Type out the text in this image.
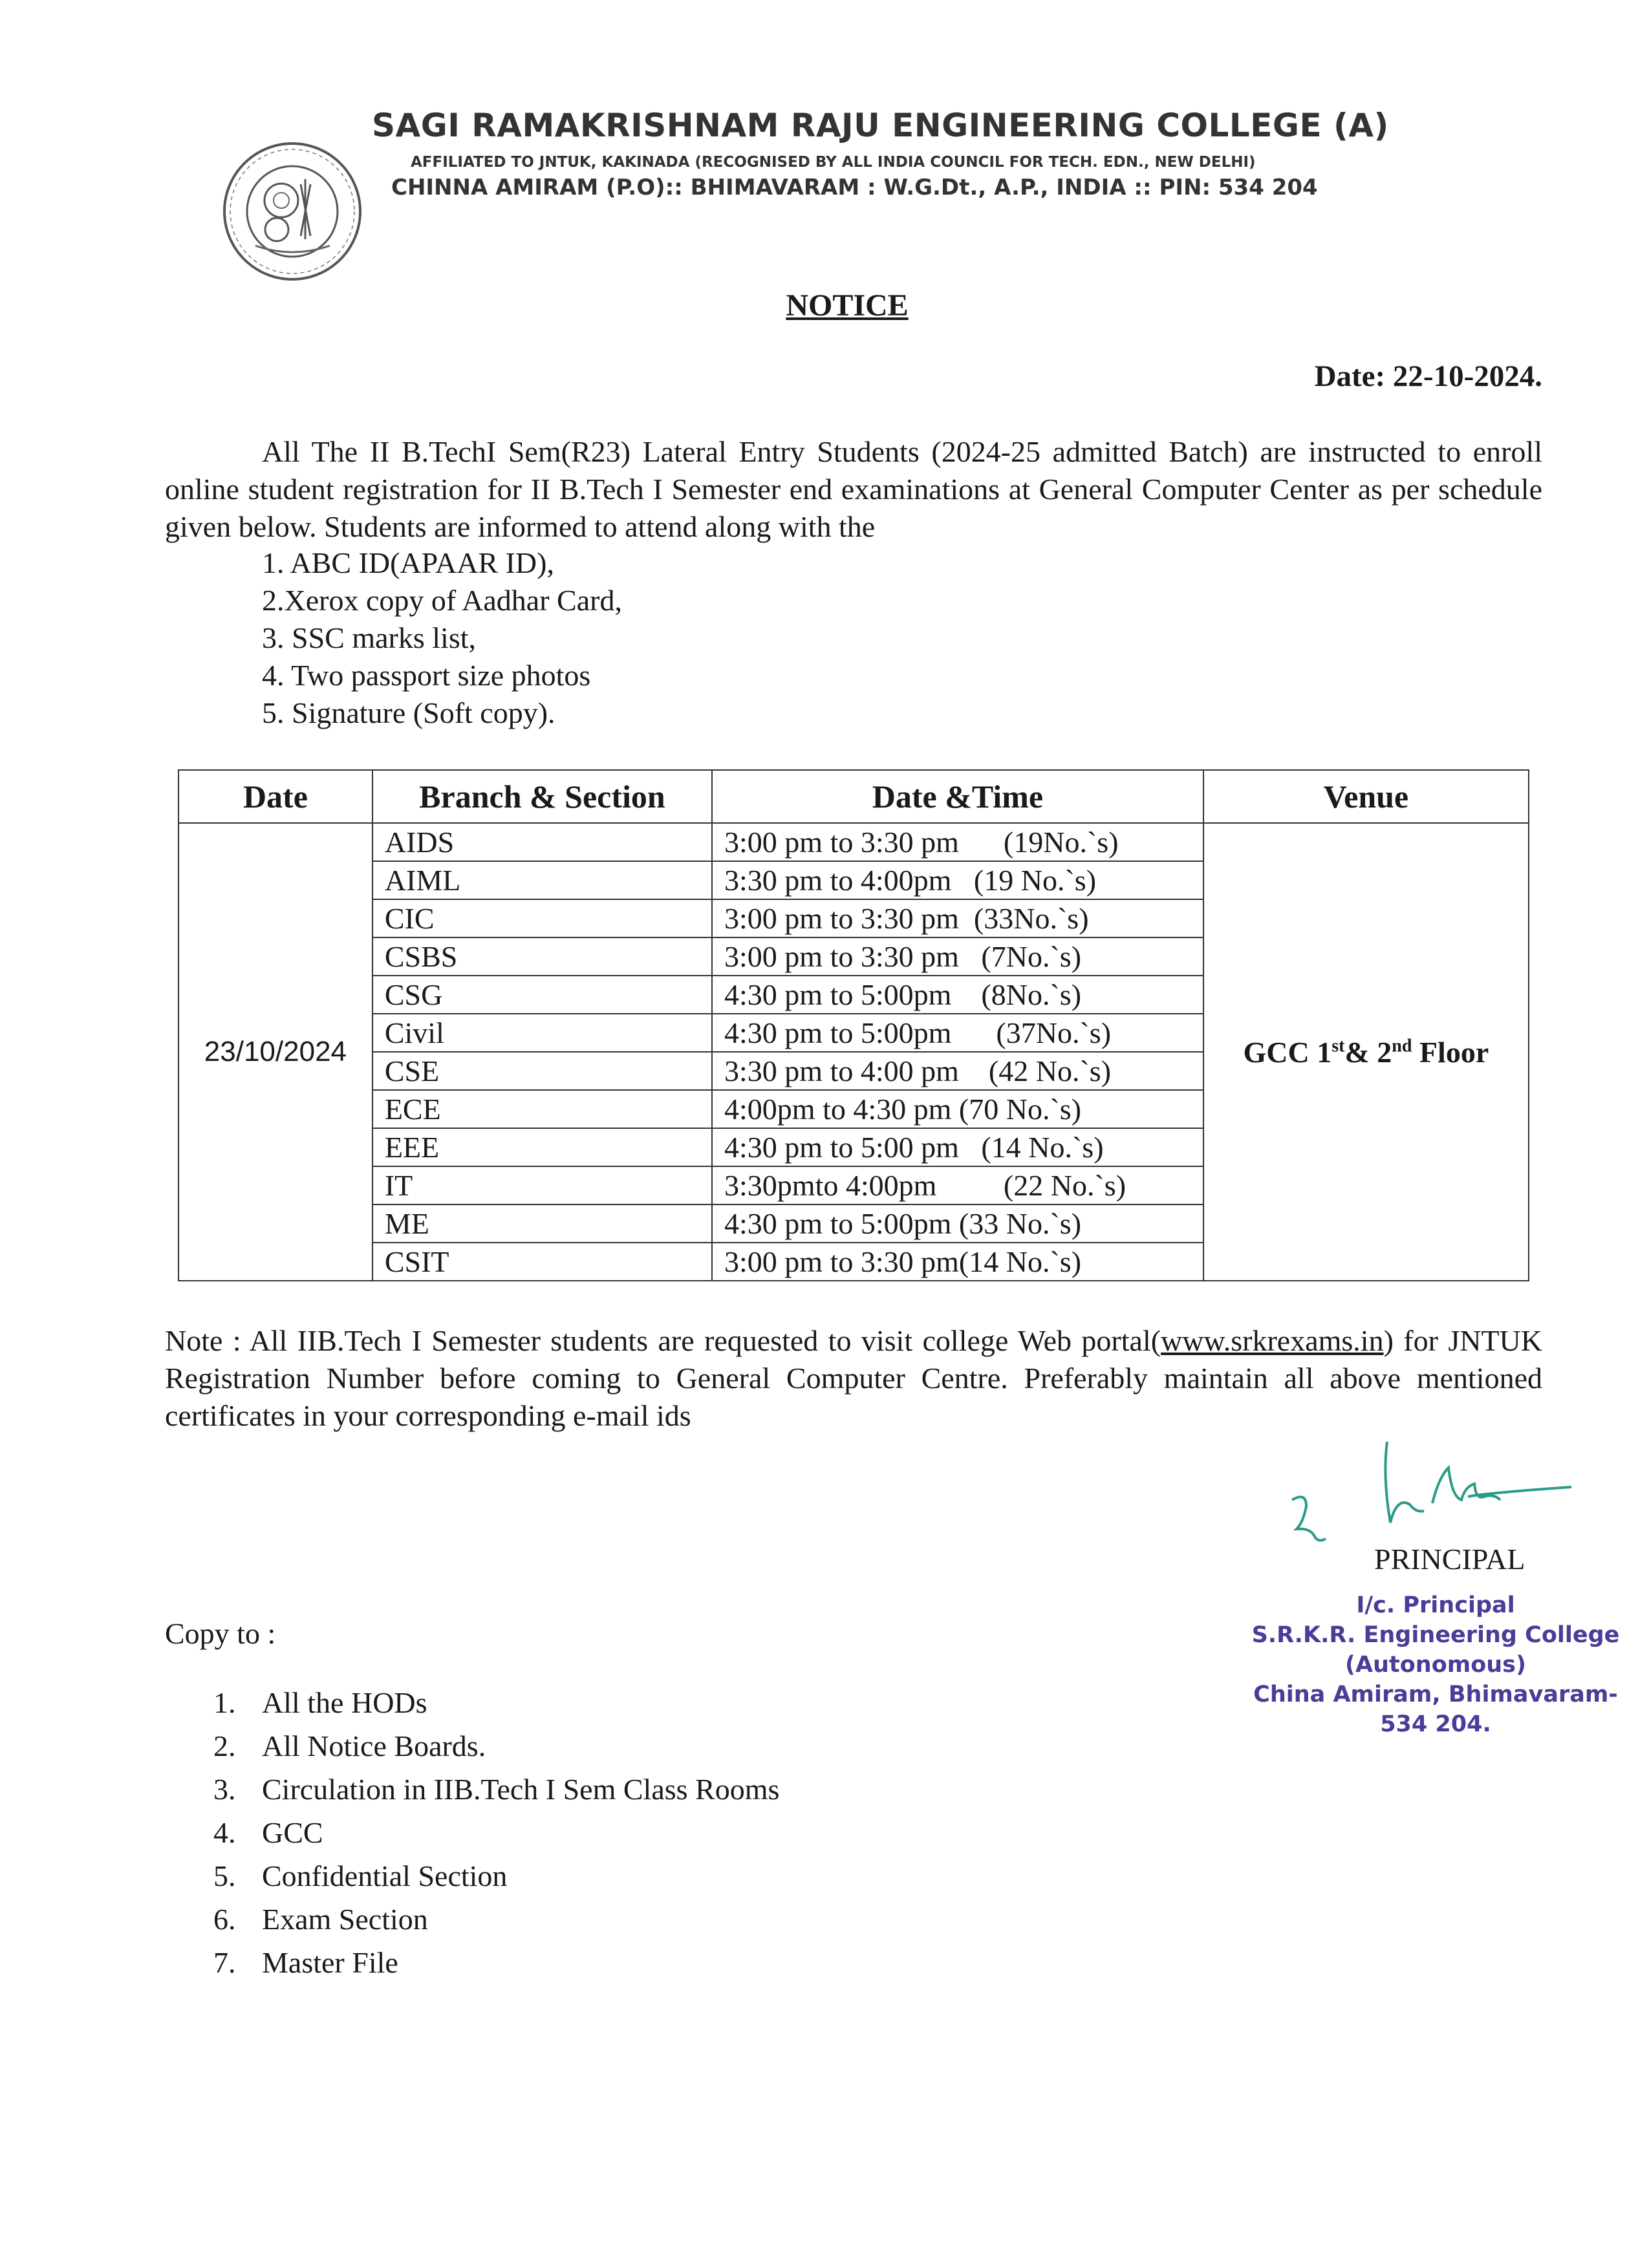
SAGI RAMAKRISHNAM RAJU ENGINEERING COLLEGE (A)
AFFILIATED TO JNTUK, KAKINADA (RECOGNISED BY ALL INDIA COUNCIL FOR TECH. EDN., NEW DELHI)
CHINNA AMIRAM (P.O):: BHIMAVARAM : W.G.Dt., A.P., INDIA :: PIN: 534 204
NOTICE
Date: 22-10-2024.
All The II B.TechI Sem(R23) Lateral Entry Students (2024-25 admitted Batch) are instructed to enroll online student registration for II B.Tech I Semester end examinations at General Computer Center as per schedule given below. Students are informed to attend along with the
1. ABC ID(APAAR ID),
2.Xerox copy of Aadhar Card,
3. SSC marks list,
4. Two passport size photos
5. Signature (Soft copy).
Date	Branch & Section	Date &Time	Venue
23/10/2024	AIDS	3:00 pm to 3:30 pm      (19No.`s)	GCC 1st& 2nd Floor
	AIML	3:30 pm to 4:00pm   (19 No.`s)	
	CIC	3:00 pm to 3:30 pm  (33No.`s)	
	CSBS	3:00 pm to 3:30 pm   (7No.`s)	
	CSG	4:30 pm to 5:00pm    (8No.`s)	
	Civil	4:30 pm to 5:00pm      (37No.`s)	
	CSE	3:30 pm to 4:00 pm    (42 No.`s)	
	ECE	4:00pm to 4:30 pm (70 No.`s)	
	EEE	4:30 pm to 5:00 pm   (14 No.`s)	
	IT	3:30pmto 4:00pm         (22 No.`s)	
	ME	4:30 pm to 5:00pm (33 No.`s)	
	CSIT	3:00 pm to 3:30 pm(14 No.`s)	
Note : All IIB.Tech I Semester students are requested to visit college Web portal(www.srkrexams.in) for JNTUK Registration Number before coming to General Computer Centre. Preferably maintain all above mentioned certificates in your corresponding e-mail ids
PRINCIPAL
I/c. Principal
S.R.K.R. Engineering College
(Autonomous)
China Amiram, Bhimavaram-534 204.
Copy to :
1. All the HODs
2. All Notice Boards.
3. Circulation in IIB.Tech I Sem Class Rooms
4. GCC
5. Confidential Section
6. Exam Section
7. Master File
